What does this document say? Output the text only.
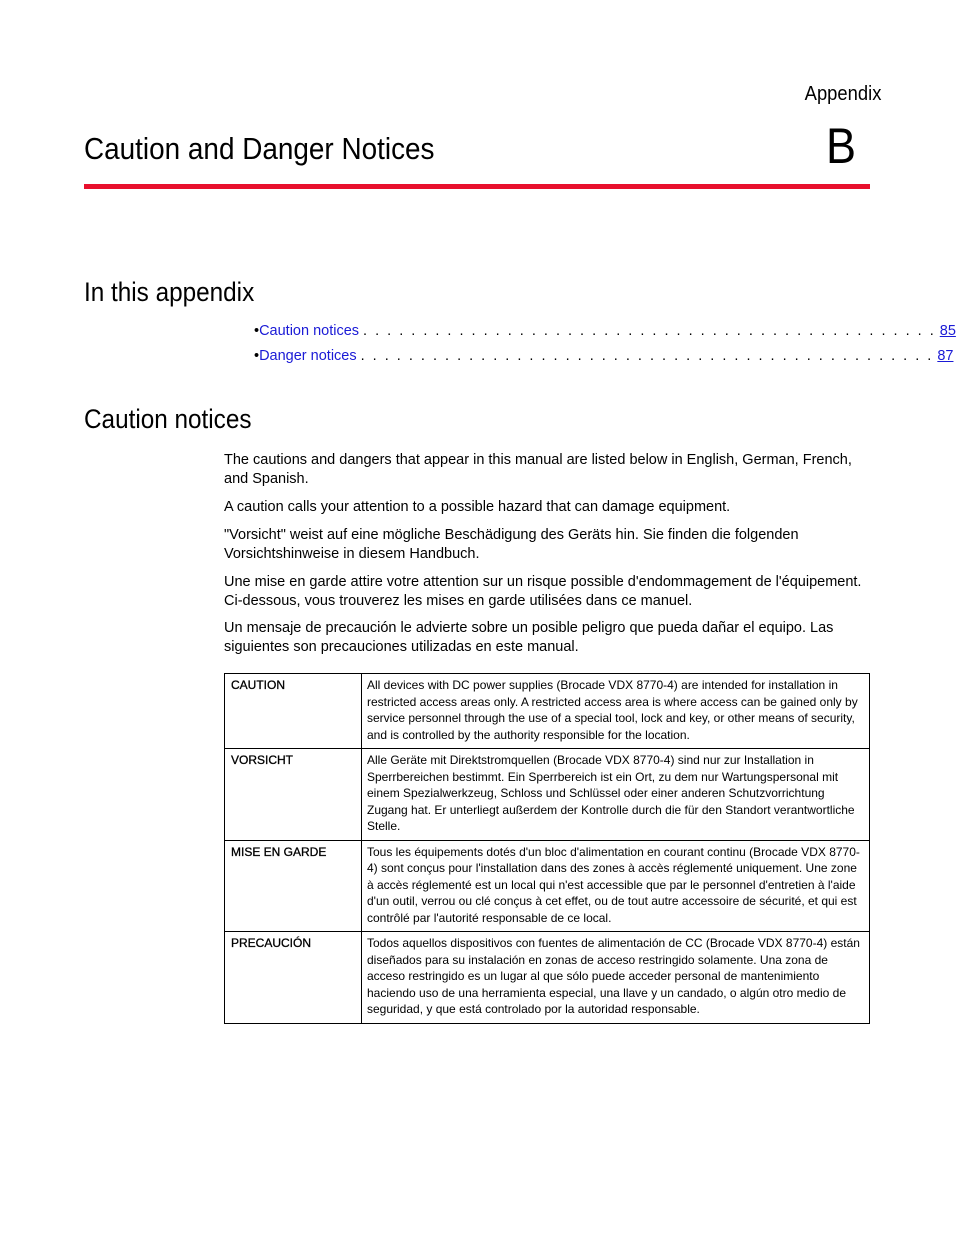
Appendix
B
Caution and Danger Notices
In this appendix
• Caution notices . . . . . . . . . . . . . . . . . . . . . . . . . . . . . . . . . . . . . . . . . . . . . . . . 85
• Danger notices . . . . . . . . . . . . . . . . . . . . . . . . . . . . . . . . . . . . . . . . . . . . . . . . 87
Caution notices

The cautions and dangers that appear in this manual are listed below in English, German, French, and Spanish.

A caution calls your attention to a possible hazard that can damage equipment.

"Vorsicht" weist auf eine mögliche Beschädigung des Geräts hin. Sie finden die folgenden Vorsichtshinweise in diesem Handbuch.

Une mise en garde attire votre attention sur un risque possible d'endommagement de l'équipement. Ci-dessous, vous trouverez les mises en garde utilisées dans ce manuel.

Un mensaje de precaución le advierte sobre un posible peligro que pueda dañar el equipo. Las siguientes son precauciones utilizadas en este manual.

CAUTION	All devices with DC power supplies (Brocade VDX 8770-4) are intended for installation in restricted access areas only. A restricted access area is where access can be gained only by service personnel through the use of a special tool, lock and key, or other means of security, and is controlled by the authority responsible for the location.
VORSICHT	Alle Geräte mit Direktstromquellen (Brocade VDX 8770-4) sind nur zur Installation in Sperrbereichen bestimmt. Ein Sperrbereich ist ein Ort, zu dem nur Wartungspersonal mit einem Spezialwerkzeug, Schloss und Schlüssel oder einer anderen Schutzvorrichtung Zugang hat. Er unterliegt außerdem der Kontrolle durch die für den Standort verantwortliche Stelle.
MISE EN GARDE	Tous les équipements dotés d'un bloc d'alimentation en courant continu (Brocade VDX 8770-4) sont conçus pour l'installation dans des zones à accès réglementé uniquement. Une zone à accès réglementé est un local qui n'est accessible que par le personnel d'entretien à l'aide d'un outil, verrou ou clé conçus à cet effet, ou de tout autre accessoire de sécurité, et qui est contrôlé par l'autorité responsable de ce local.
PRECAUCIÓN	Todos aquellos dispositivos con fuentes de alimentación de CC (Brocade VDX 8770-4) están diseñados para su instalación en zonas de acceso restringido solamente. Una zona de acceso restringido es un lugar al que sólo puede acceder personal de mantenimiento haciendo uso de una herramienta especial, una llave y un candado, o algún otro medio de seguridad, y que está controlado por la autoridad responsable.
